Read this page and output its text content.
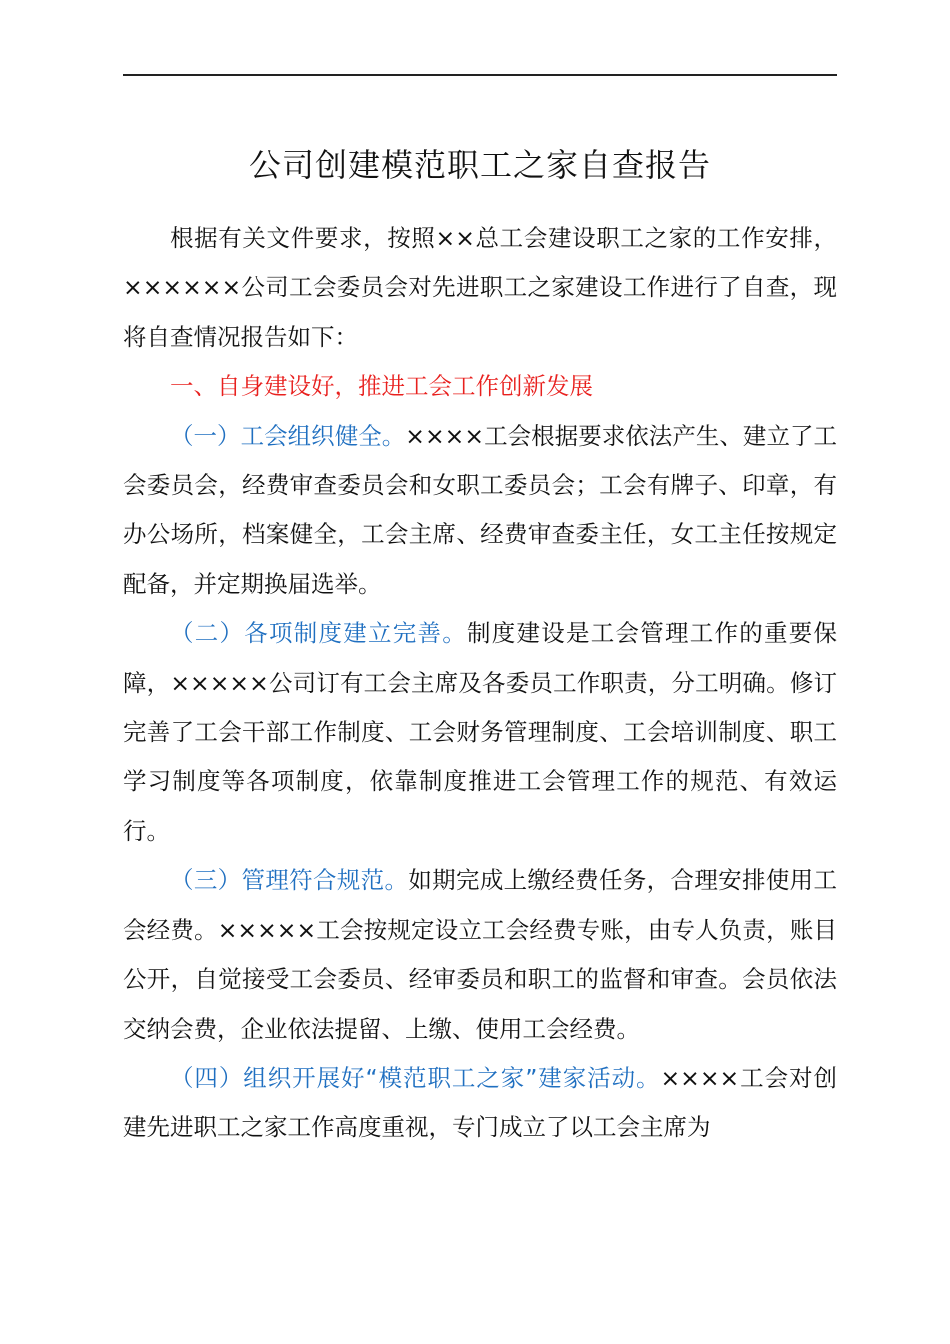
公司创建模范职工之家自查报告

根据有关文件要求，按照××总工会建设职工之家的工作安排，××××××公司工会委员会对先进职工之家建设工作进行了自查，现将自查情况报告如下：

一、自身建设好，推进工会工作创新发展

（一）工会组织健全。××××工会根据要求依法产生、建立了工会委员会，经费审查委员会和女职工委员会；工会有牌子、印章，有办公场所，档案健全，工会主席、经费审查委主任，女工主任按规定配备，并定期换届选举。

（二）各项制度建立完善。制度建设是工会管理工作的重要保障，×××××公司订有工会主席及各委员工作职责，分工明确。修订完善了工会干部工作制度、工会财务管理制度、工会培训制度、职工学习制度等各项制度，依靠制度推进工会管理工作的规范、有效运行。

（三）管理符合规范。如期完成上缴经费任务，合理安排使用工会经费。×××××工会按规定设立工会经费专账，由专人负责，账目公开，自觉接受工会委员、经审委员和职工的监督和审查。会员依法交纳会费，企业依法提留、上缴、使用工会经费。

（四）组织开展好“模范职工之家”建家活动。××××工会对创建先进职工之家工作高度重视，专门成立了以工会主席为
